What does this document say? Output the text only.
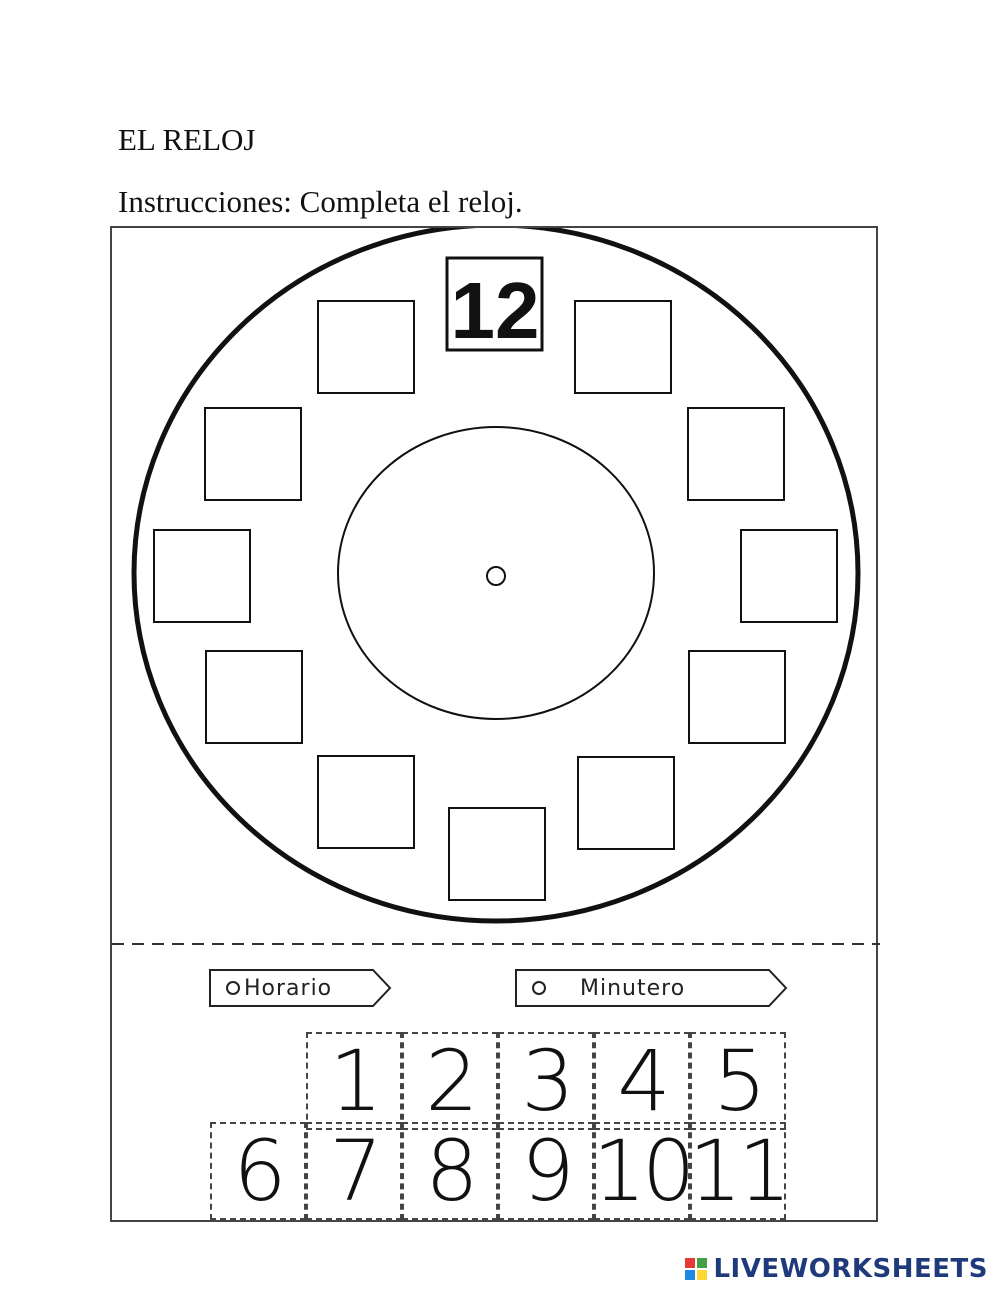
EL RELOJ
Instrucciones: Completa el reloj.
12
Horario	Minutero
1 2 3 4 5
6 7 8 9 10
11
LIVEWORKSHEETS
